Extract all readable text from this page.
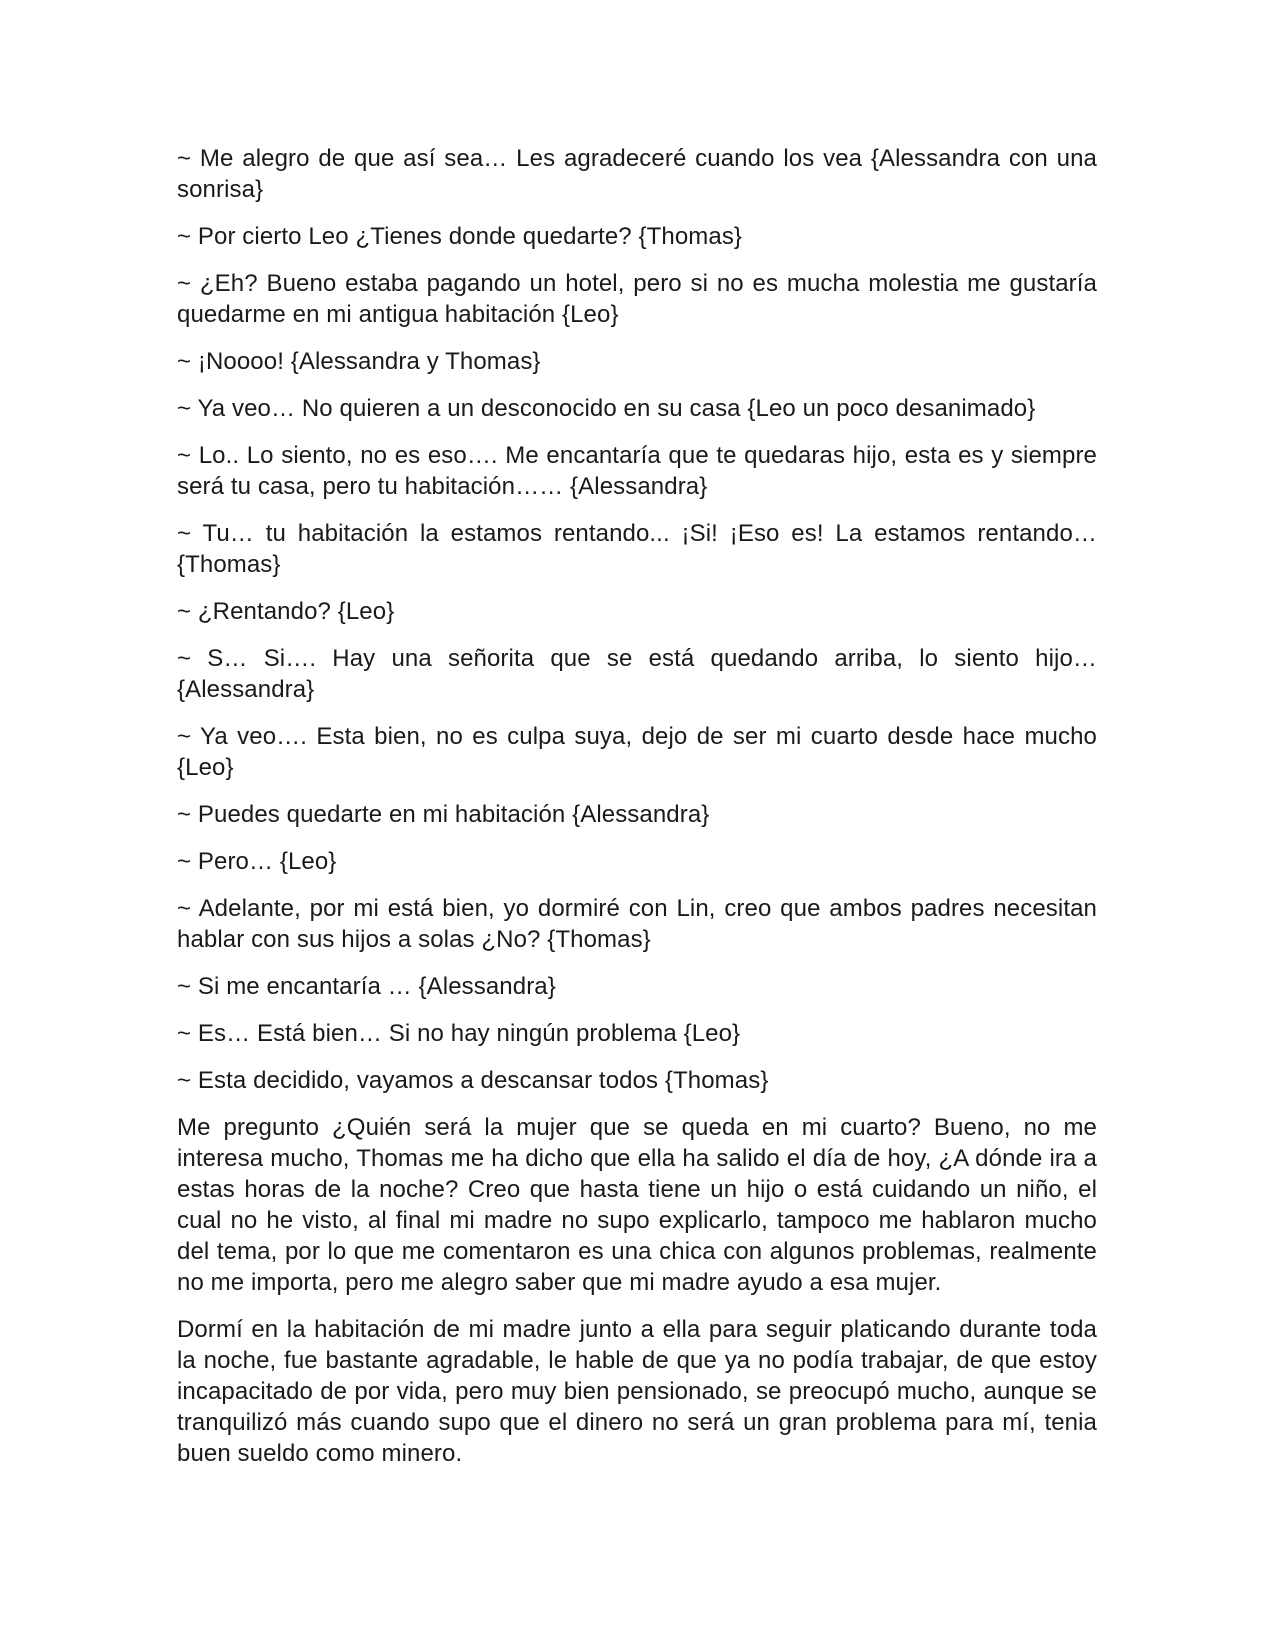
~ Me alegro de que así sea… Les agradeceré cuando los vea {Alessandra con una sonrisa}

~ Por cierto Leo ¿Tienes donde quedarte? {Thomas}

~ ¿Eh? Bueno estaba pagando un hotel, pero si no es mucha molestia me gustaría quedarme en mi antigua habitación {Leo}

~ ¡Noooo! {Alessandra y Thomas}

~ Ya veo… No quieren a un desconocido en su casa {Leo un poco desanimado}

~ Lo.. Lo siento, no es eso…. Me encantaría que te quedaras hijo, esta es y siempre será tu casa, pero tu habitación…… {Alessandra}

~ Tu… tu habitación la estamos rentando... ¡Si! ¡Eso es! La estamos rentando… {Thomas}

~ ¿Rentando? {Leo}

~ S… Si…. Hay una señorita que se está quedando arriba, lo siento hijo… {Alessandra}

~ Ya veo…. Esta bien, no es culpa suya, dejo de ser mi cuarto desde hace mucho {Leo}

~ Puedes quedarte en mi habitación {Alessandra}

~ Pero… {Leo}

~ Adelante, por mi está bien, yo dormiré con Lin, creo que ambos padres necesitan hablar con sus hijos a solas ¿No? {Thomas}

~ Si me encantaría … {Alessandra}

~ Es… Está bien… Si no hay ningún problema {Leo}

~ Esta decidido, vayamos a descansar todos {Thomas}

Me pregunto ¿Quién será la mujer que se queda en mi cuarto? Bueno, no me interesa mucho, Thomas me ha dicho que ella ha salido el día de hoy, ¿A dónde ira a estas horas de la noche? Creo que hasta tiene un hijo o está cuidando un niño, el cual no he visto, al final mi madre no supo explicarlo, tampoco me hablaron mucho del tema, por lo que me comentaron es una chica con algunos problemas, realmente no me importa, pero me alegro saber que mi madre ayudo a esa mujer.

Dormí en la habitación de mi madre junto a ella para seguir platicando durante toda la noche, fue bastante agradable, le hable de que ya no podía trabajar, de que estoy incapacitado de por vida, pero muy bien pensionado, se preocupó mucho, aunque se tranquilizó más cuando supo que el dinero no será un gran problema para mí, tenia buen sueldo como minero.
